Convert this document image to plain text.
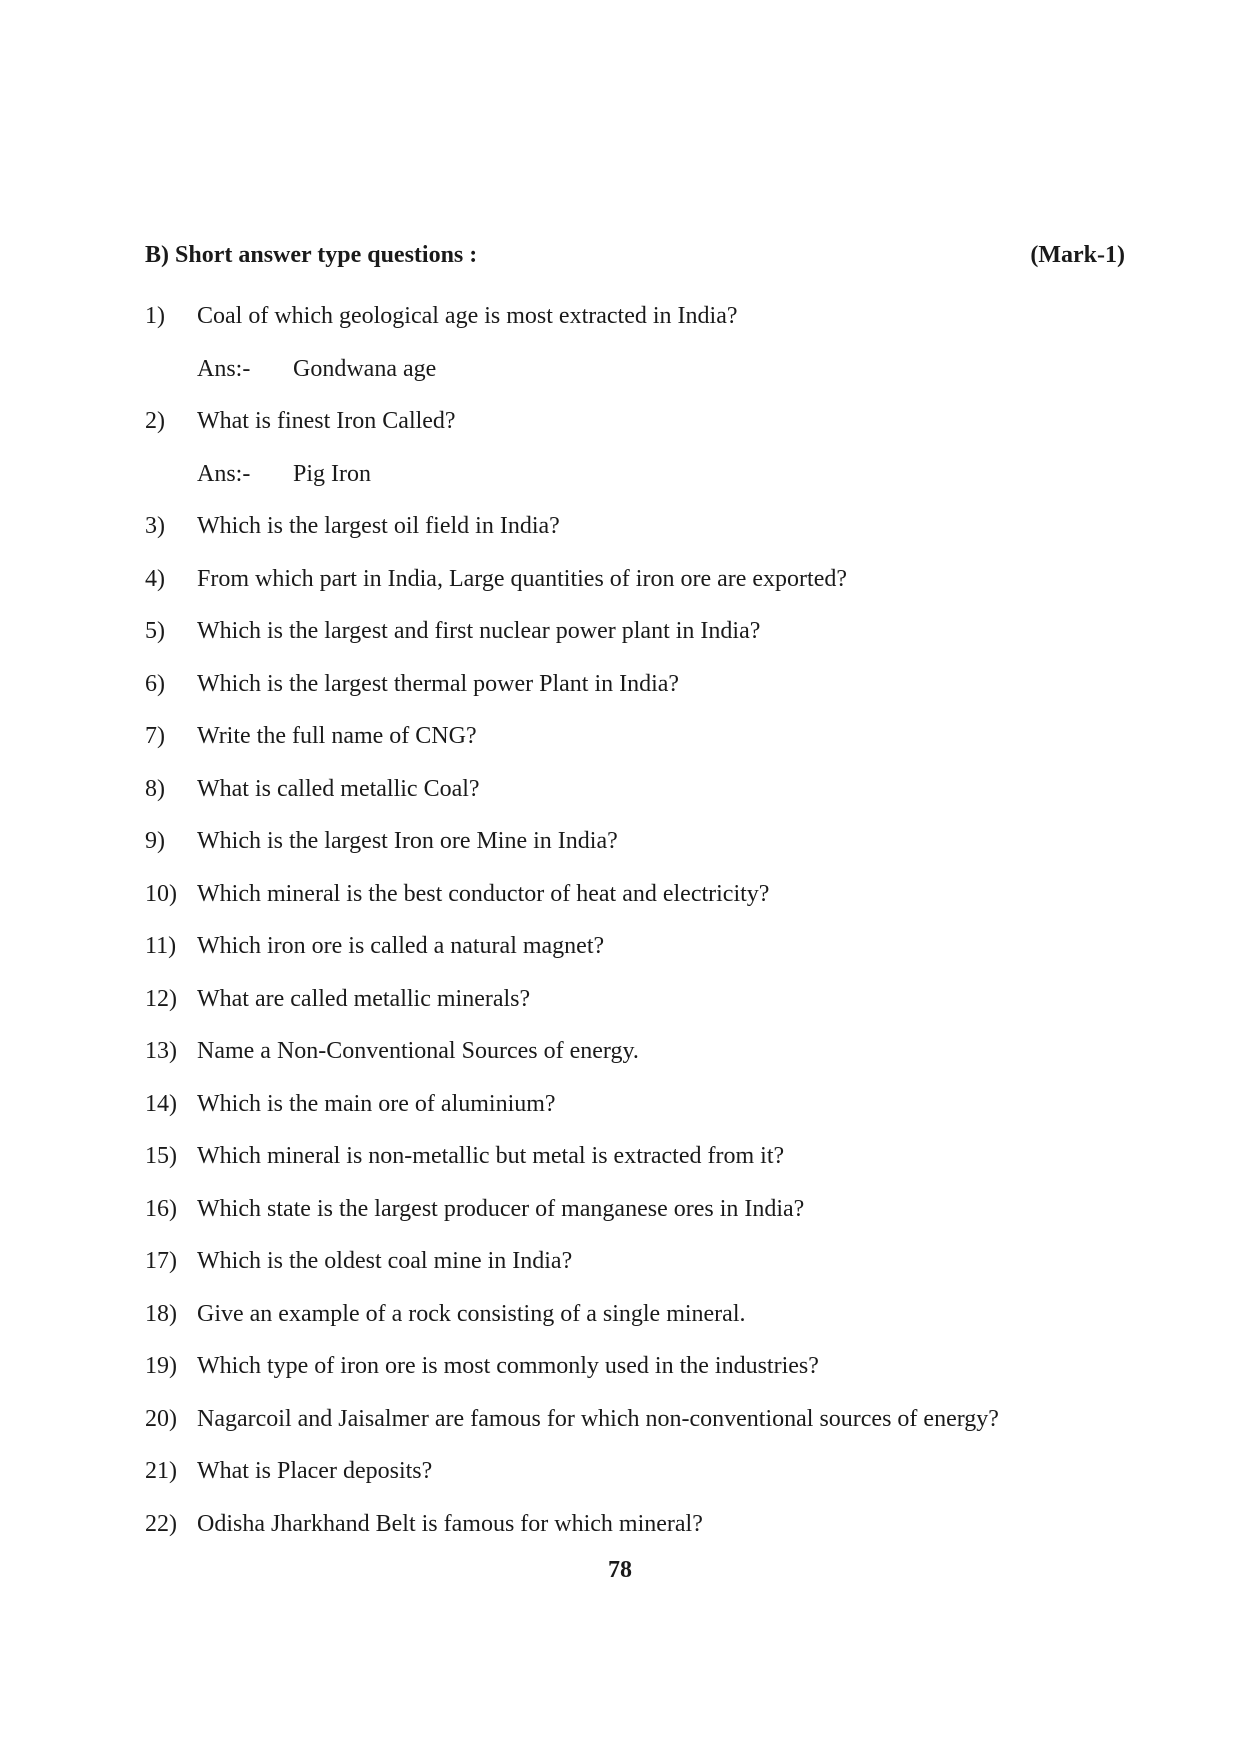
B) Short answer type questions :	(Mark-1)
1)	Coal of which geological age is most extracted in India?
Ans:-	Gondwana age
2)	What is finest Iron Called?
Ans:-	Pig Iron
3)	Which is the largest oil field in India?
4)	From which part in India, Large quantities of iron ore are exported?
5)	Which is the largest and first nuclear power plant in India?
6)	Which is the largest thermal power Plant in India?
7)	Write the full name of CNG?
8)	What is called metallic Coal?
9)	Which is the largest Iron ore Mine in India?
10) Which mineral is the best conductor of heat and electricity?
11) Which iron ore is called a natural magnet?
12) What are called metallic minerals?
13) Name a Non-Conventional Sources of energy.
14) Which is the main ore of aluminium?
15) Which mineral is non-metallic but metal is extracted from it?
16) Which state is the largest producer of manganese ores in India?
17) Which is the oldest coal mine in India?
18) Give an example of a rock consisting of a single mineral.
19) Which type of iron ore is most commonly used in the industries?
20) Nagarcoil and Jaisalmer are famous for which non-conventional sources of energy?
21) What is Placer deposits?
22) Odisha Jharkhand Belt is famous for which mineral?
78
